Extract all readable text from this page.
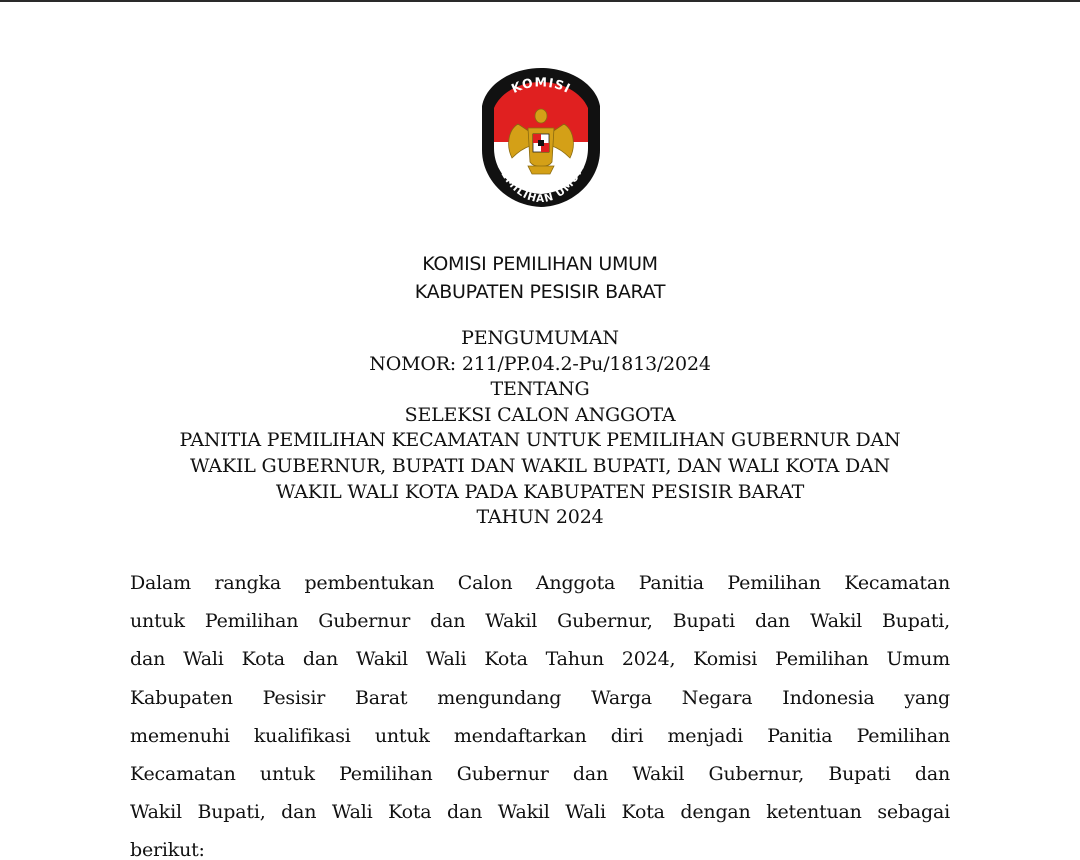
KOMISI
PEMILIHAN UMUM
KOMISI PEMILIHAN UMUM
KABUPATEN PESISIR BARAT
PENGUMUMAN
NOMOR: 211/PP.04.2-Pu/1813/2024
TENTANG
SELEKSI CALON ANGGOTA
PANITIA PEMILIHAN KECAMATAN UNTUK PEMILIHAN GUBERNUR DAN
WAKIL GUBERNUR, BUPATI DAN WAKIL BUPATI, DAN WALI KOTA DAN
WAKIL WALI KOTA PADA KABUPATEN PESISIR BARAT
TAHUN 2024
Dalam rangka pembentukan Calon Anggota Panitia Pemilihan Kecamatan
untuk Pemilihan Gubernur dan Wakil Gubernur, Bupati dan Wakil Bupati,
dan Wali Kota dan Wakil Wali Kota Tahun 2024, Komisi Pemilihan Umum
Kabupaten Pesisir Barat mengundang Warga Negara Indonesia yang
memenuhi kualifikasi untuk mendaftarkan diri menjadi Panitia Pemilihan
Kecamatan untuk Pemilihan Gubernur dan Wakil Gubernur, Bupati dan
Wakil Bupati, dan Wali Kota dan Wakil Wali Kota dengan ketentuan sebagai
berikut:
